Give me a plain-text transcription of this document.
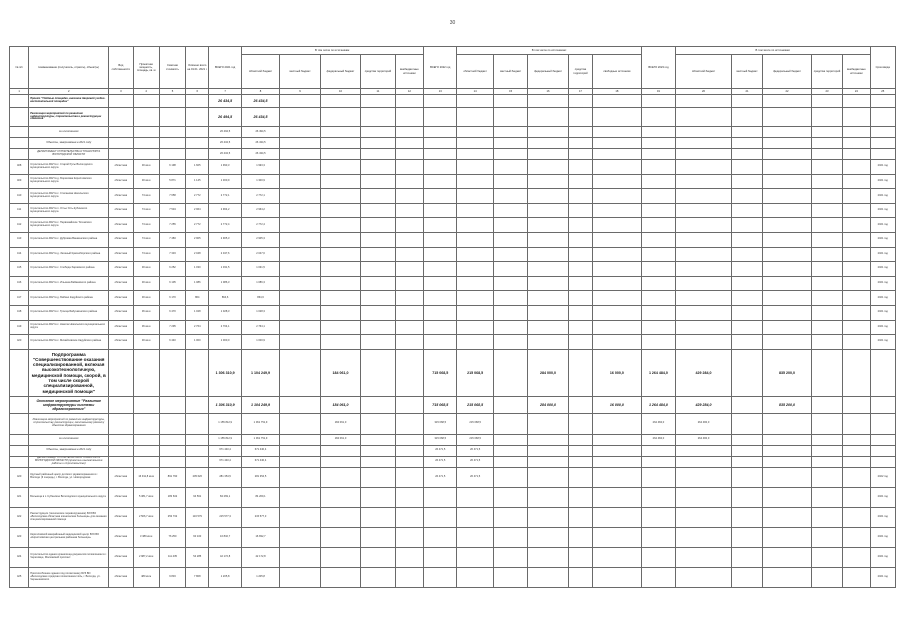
30
№ п/п	Наименование (получатель, отрасль), объект(ы)	Вид собственности	Проектная мощность, площадь, кв. м	Сметная стоимость	Освоено всего на 01.01. 2021 г.	ВСЕГО 2021 год	В том числе по источникам:					ВСЕГО 2022 год	В том числе по источникам:					ВСЕГО 2023 год	В том числе по источникам:					Срок ввода
							областной бюджет	местный бюджет	федеральный бюджет	средства территорий	внебюджетные источники		областной бюджет	местный бюджет	федеральный бюджет	средства территорий	свободные источники		областной бюджет	местный бюджет	федеральный бюджет	средства территорий	внебюджетные источники	
1	2	3	4	5	6	7	8	9	10	11	12	13	14	15	16	17	18	19	20	21	22	23	24	25
	Проект "Удобные площадки, внесение дворовой учебно-воспитательной площадки"					26 434,5	26 434,5																	
	Реализация мероприятий по развитию инфраструктуры, строительства и реконструкции объектов					26 494,5	26 434,5																	
	за исключением					26 494,5	26 494,5																	
	Объекты, завершаемые в 2021 году					26 434,5	26 434,5																	
	ДЕПАРТАМЕНТ СТРОИТЕЛЬСТВА И ТРАНСПОРТА ВОЛОГОДСКОЙ ОБЛАСТИ					26 434,5	26 434,5																	
408	Строительство ФАП в с. Старой Русы Вологодского муниципального округа	областная	30 кв.м	6 198	1 605	1 993,3	1 993,3																	2021 год
409	Строительство ФАП в д. Борисовка Кирилловского муниципального округа	областная	30 кв.м	5 871	1 145	1 300,9	1 300,9																	2021 год
410	Строительство ФАП в с. Степанова Никольского муниципального округа	областная	74 кв.м	7 658	2 772	2 772,1	2 772,1																	2021 год
411	Строительство ФАП в п. Устье Усть-Кубинского муниципального округа	областная	74 кв.м	7 534	2 964	2 964,2	2 964,2																	2021 год
412	Строительство ФАП в с. Первомайское Тотемского муниципального округа	областная	74 кв.м	7 255	2 772	2 772,4	2 772,4																	2021 год
413	Строительство ФАП в с. Дубровка Вашкинского района	областная	74 кв.м	7 483	2 905	2 905,3	2 905,3																	2021 год
414	Строительство ФАП в д. Зеленый Красноборского района	областная	74 кв.м	7 333	2 048	2 047,6	2 047,6																	2021 год
415	Строительство ФАП в с. Слобода Харовского района	областная	30 кв.м	6 252	1 030	1 031,5	1 031,5																	2021 год
416	Строительство ФАП в п. Ильинка Бабаевского района	областная	30 кв.м	6 105	1 086	1 086,3	1 086,3																	2021 год
417	Строительство ФАП в д. Бабино Кадуйского района	областная	30 кв.м	6 170	864	864,6	864,6																	2021 год
418	Строительство ФАП в с. Троица Бабушкинского района	областная	36 кв.м	6 470	1 028	1 028,3	1 028,3																	2021 год
419	Строительство ФАП в с. Никола Никольского муниципального округа	областная	36 кв.м	7 295	2 764	2 764,1	2 764,1																	2021 год
420	Строительство ФАП в с. Михайловское Кадуйского района	областная	30 кв.м	6 440	1 000	1 000,0	1 000,9																	2021 год
	Подпрограмма "Совершенствование оказания специализированной, включая высокотехнологичную, медицинской помощи, скорой, в том числе скорой специализированной, медицинской помощи"					1 306 310,9	1 104 249,9		184 061,0			715 068,5	215 068,5		284 000,0		16 000,0	1 264 484,0	429 284,0		835 200,0			
	Основное мероприятие "Развитие инфраструктуры системы здравоохранения"					1 306 310,9	1 104 249,9		184 061,0			715 068,5	215 068,5		284 000,0		16 000,0	1 264 484,0	429 284,0		835 200,0			
	Реализация мероприятий по развитию инфраструктуры, строительству, реконструкции, капитальному ремонту объектов здравоохранения					1 155 812,9	1 061 751,9		184 061,0			315 068,5	215 068,5					264 484,0	264 484,0					
	за исключением					1 155 812,9	1 061 751,9		184 061,0			315 068,5	215 068,5					264 484,0	264 484,0					
	Объекты, завершаемые в 2021 году					671 440,4	671 440,4					26 471,5	26 471,5											
	ДЕПАРТАМЕНТ СТРОИТЕЛЬСТВА И ТРАНСПОРТА ВОЛОГОДСКОЙ ОБЛАСТИ (проектно-изыскательские работы и строительство)					671 440,4	671 440,4					26 471,5	26 471,5											
420	Крупный районный центр детского здравоохранения в г. Вологде (II очередь), г. Вологда, ул. Новгородская	областная	16 911,8 кв.м	891 790	205 626	281 354,5	281 354,5					26 471,5	26 471,5											2022 год
421	Больница в с. Кубенское Вологодского муниципального округа	областная	5 381,7 кв.м	183 632	94 561	84 269,1	84 269,1																	2021 год
422	Реконструкция (техническое перевооружение) БУЗ ВО «Вологодская областная клиническая больница» для оказания специализированной помощи	областная	2 506,7 кв.м	253 732	116 579	215 577,3	215 577,3																	2021 год
423	Кирилловский межрайонный медицинский центр БУЗ ВО «Кирилловская центральная районная больница»	областная	3 389 кв.м	76 250	60 100	16 832,7	16 832,7																	2021 год
424	Строительство здания хранилища документов поликлиники в г. Череповце, Московский проспект	областная	2 987,2 кв.м	111 435	54 285	42 172,8	42 172,8																	2021 год
425	Приспособление здания под поликлинику БУЗ ВО «Вологодская городская поликлиника №4», г. Вологда, ул. Чернышевского	областная	480 кв.м	9 833	7 808	1 205,8	1 205,8																	2021 год
